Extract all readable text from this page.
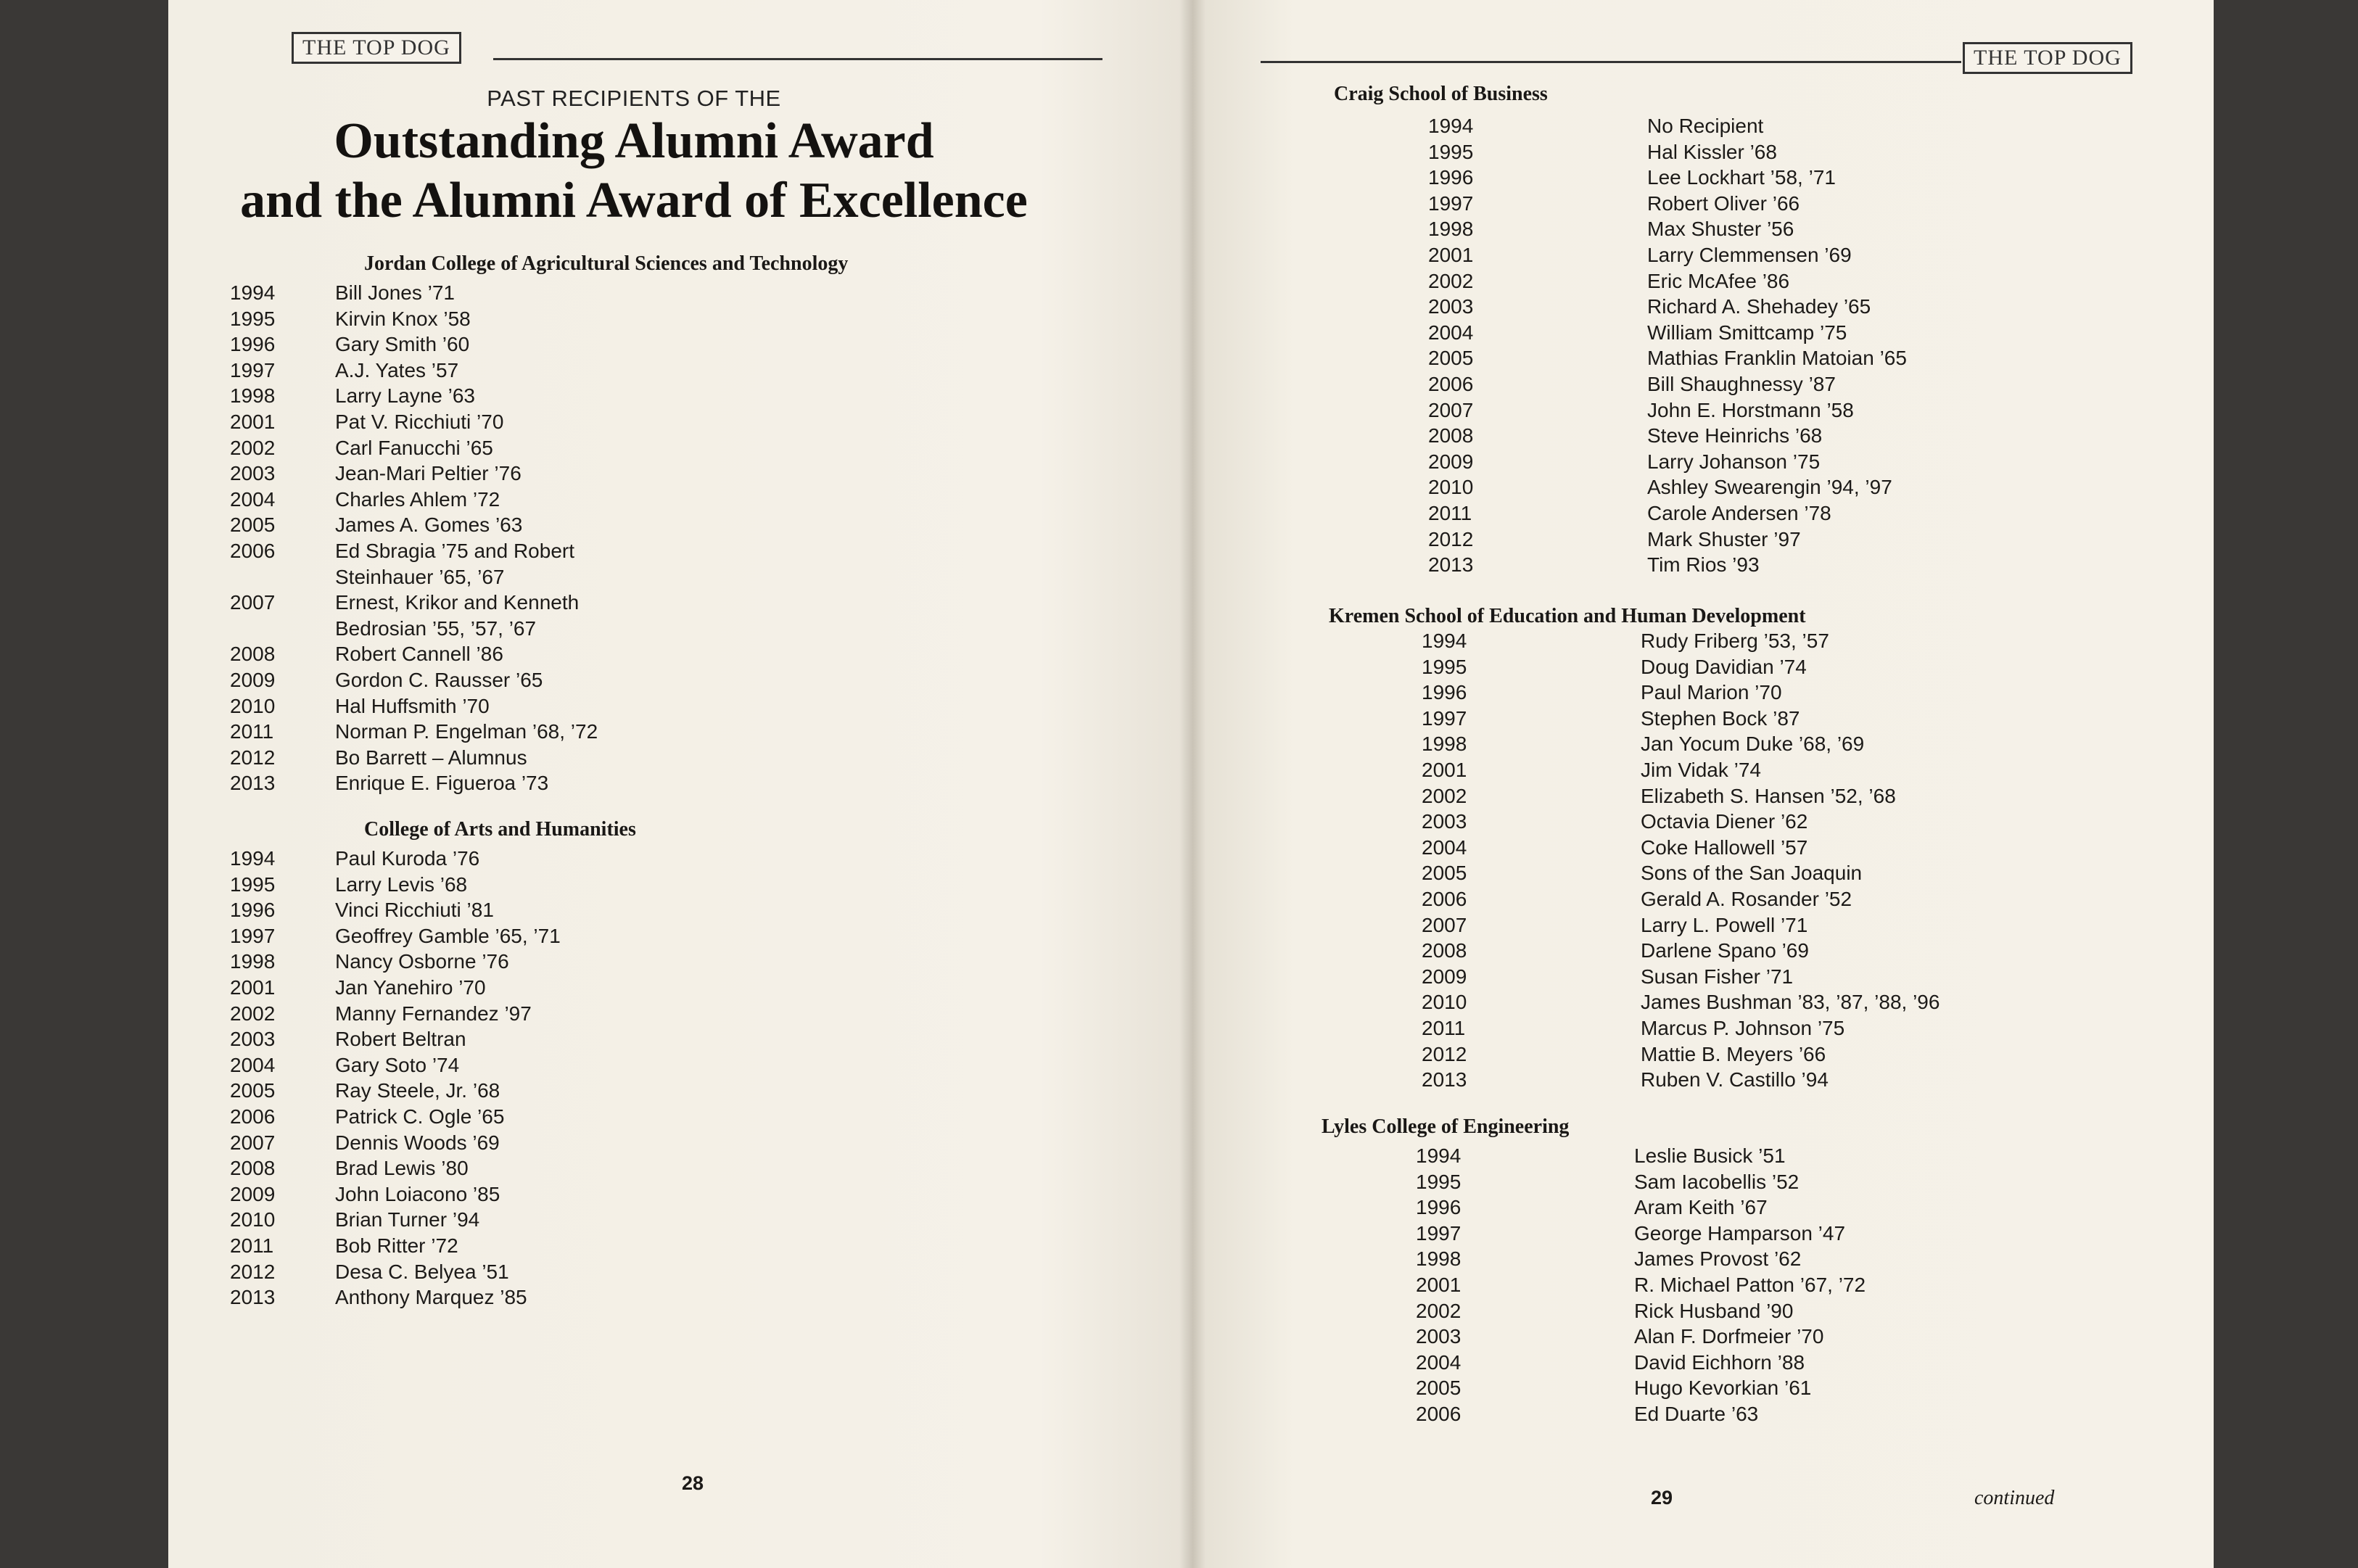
THE TOP DOG
PAST RECIPIENTS OF THE
Outstanding Alumni Award
and the Alumni Award of Excellence
Jordan College of Agricultural Sciences and Technology
1994	Bill Jones ’71
1995	Kirvin Knox ’58
1996	Gary Smith ’60
1997	A.J. Yates ’57
1998	Larry Layne ’63
2001	Pat V. Ricchiuti ’70
2002	Carl Fanucchi ’65
2003	Jean-Mari Peltier ’76
2004	Charles Ahlem ’72
2005	James A. Gomes ’63
2006	Ed Sbragia ’75 and Robert
Steinhauer ’65, ’67
2007	Ernest, Krikor and Kenneth
Bedrosian ’55, ’57, ’67
2008	Robert Cannell ’86
2009	Gordon C. Rausser ’65
2010	Hal Huffsmith ’70
2011	Norman P. Engelman ’68, ’72
2012	Bo Barrett – Alumnus
2013	Enrique E. Figueroa ’73
College of Arts and Humanities
1994	Paul Kuroda ’76
1995	Larry Levis ’68
1996	Vinci Ricchiuti ’81
1997	Geoffrey Gamble ’65, ’71
1998	Nancy Osborne ’76
2001	Jan Yanehiro ’70
2002	Manny Fernandez ’97
2003	Robert Beltran
2004	Gary Soto ’74
2005	Ray Steele, Jr. ’68
2006	Patrick C. Ogle ’65
2007	Dennis Woods ’69
2008	Brad Lewis ’80
2009	John Loiacono ’85
2010	Brian Turner ’94
2011	Bob Ritter ’72
2012	Desa C. Belyea ’51
2013	Anthony Marquez ’85
28
THE TOP DOG
Craig School of Business
1994	No Recipient
1995	Hal Kissler ’68
1996	Lee Lockhart ’58, ’71
1997	Robert Oliver ’66
1998	Max Shuster ’56
2001	Larry Clemmensen ’69
2002	Eric McAfee ’86
2003	Richard A. Shehadey ’65
2004	William Smittcamp ’75
2005	Mathias Franklin Matoian ’65
2006	Bill Shaughnessy ’87
2007	John E. Horstmann ’58
2008	Steve Heinrichs ’68
2009	Larry Johanson ’75
2010	Ashley Swearengin ’94, ’97
2011	Carole Andersen ’78
2012	Mark Shuster ’97
2013	Tim Rios ’93
Kremen School of Education and Human Development
1994	Rudy Friberg ’53, ’57
1995	Doug Davidian ’74
1996	Paul Marion ’70
1997	Stephen Bock ’87
1998	Jan Yocum Duke ’68, ’69
2001	Jim Vidak ’74
2002	Elizabeth S. Hansen ’52, ’68
2003	Octavia Diener ’62
2004	Coke Hallowell ’57
2005	Sons of the San Joaquin
2006	Gerald A. Rosander ’52
2007	Larry L. Powell ’71
2008	Darlene Spano ’69
2009	Susan Fisher ’71
2010	James Bushman ’83, ’87, ’88, ’96
2011	Marcus P. Johnson ’75
2012	Mattie B. Meyers ’66
2013	Ruben V. Castillo ’94
Lyles College of Engineering
1994	Leslie Busick ’51
1995	Sam Iacobellis ’52
1996	Aram Keith ’67
1997	George Hamparson ’47
1998	James Provost ’62
2001	R. Michael Patton ’67, ’72
2002	Rick Husband ’90
2003	Alan F. Dorfmeier ’70
2004	David Eichhorn ’88
2005	Hugo Kevorkian ’61
2006	Ed Duarte ’63
29	continued
